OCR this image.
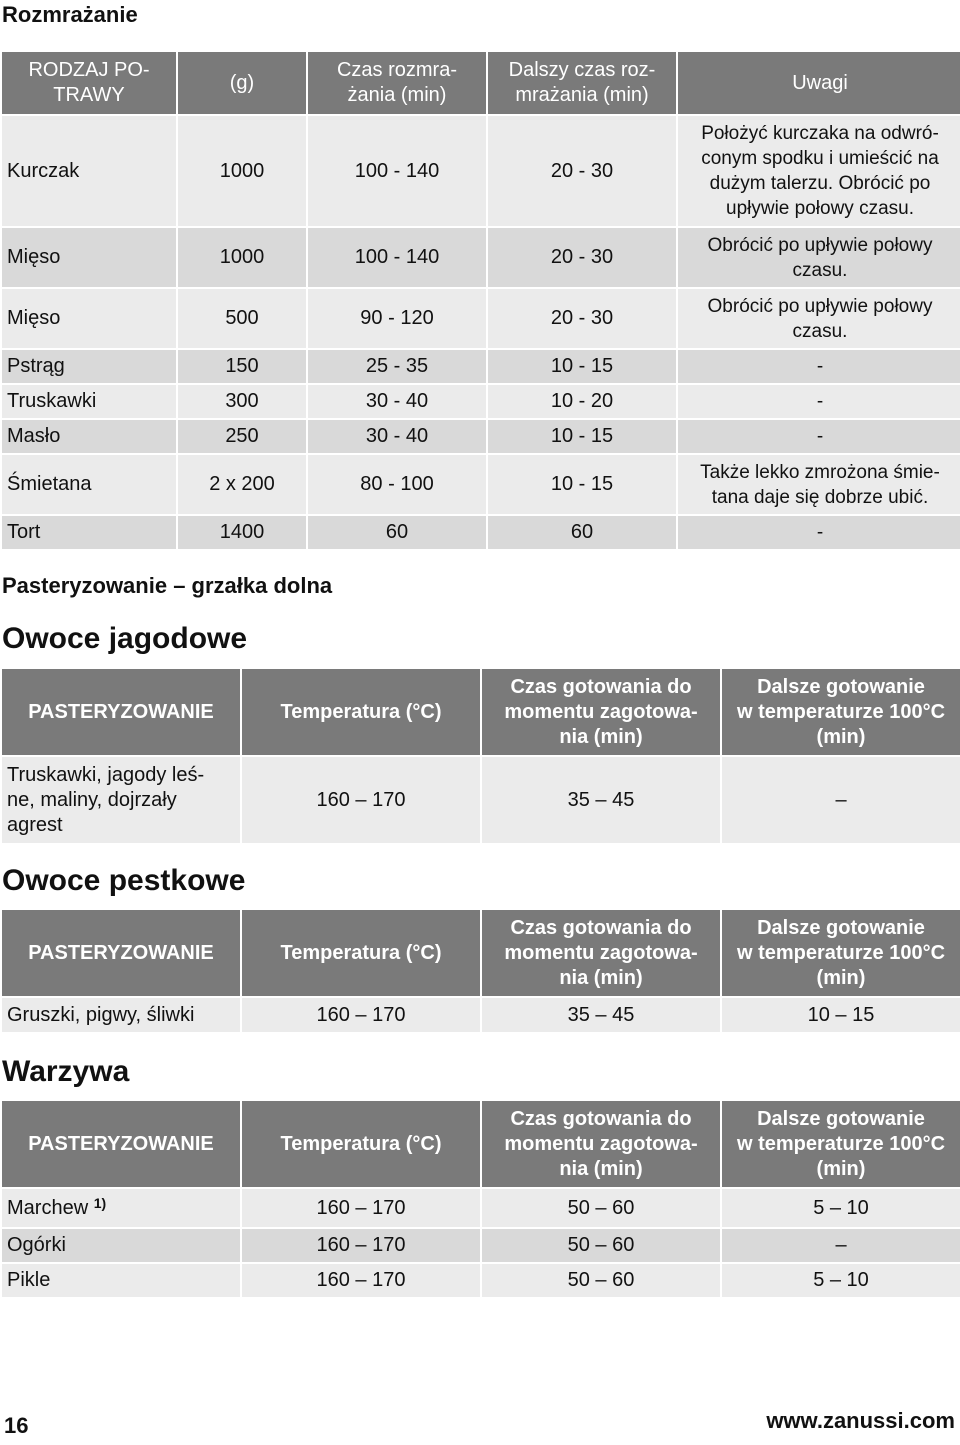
Rozmrażanie
RODZAJ PO-
TRAWY	(g)	Czas rozmra-
żania (min)	Dalszy czas roz-
mrażania (min)	Uwagi
Kurczak	1000	100 - 140	20 - 30	Położyć kurczaka na odwró-
conym spodku i umieścić na
dużym talerzu. Obrócić po
upływie połowy czasu.
Mięso	1000	100 - 140	20 - 30	Obrócić po upływie połowy
czasu.
Mięso	500	90 - 120	20 - 30	Obrócić po upływie połowy
czasu.
Pstrąg	150	25 - 35	10 - 15	-
Truskawki	300	30 - 40	10 - 20	-
Masło	250	30 - 40	10 - 15	-
Śmietana	2 x 200	80 - 100	10 - 15	Także lekko zmrożona śmie-
tana daje się dobrze ubić.
Tort	1400	60	60	-
Pasteryzowanie – grzałka dolna
Owoce jagodowe
PASTERYZOWANIE	Temperatura (°C)	Czas gotowania do
momentu zagotowa-
nia (min)	Dalsze gotowanie
w temperaturze 100°C
(min)
Truskawki, jagody leś-
ne, maliny, dojrzały
agrest	160 – 170	35 – 45	–
Owoce pestkowe
PASTERYZOWANIE	Temperatura (°C)	Czas gotowania do
momentu zagotowa-
nia (min)	Dalsze gotowanie
w temperaturze 100°C
(min)
Gruszki, pigwy, śliwki	160 – 170	35 – 45	10 – 15
Warzywa
PASTERYZOWANIE	Temperatura (°C)	Czas gotowania do
momentu zagotowa-
nia (min)	Dalsze gotowanie
w temperaturze 100°C
(min)
Marchew $^{1)}$	160 – 170	50 – 60	5 – 10
Ogórki	160 – 170	50 – 60	–
Pikle	160 – 170	50 – 60	5 – 10
16	www.zanussi.com
